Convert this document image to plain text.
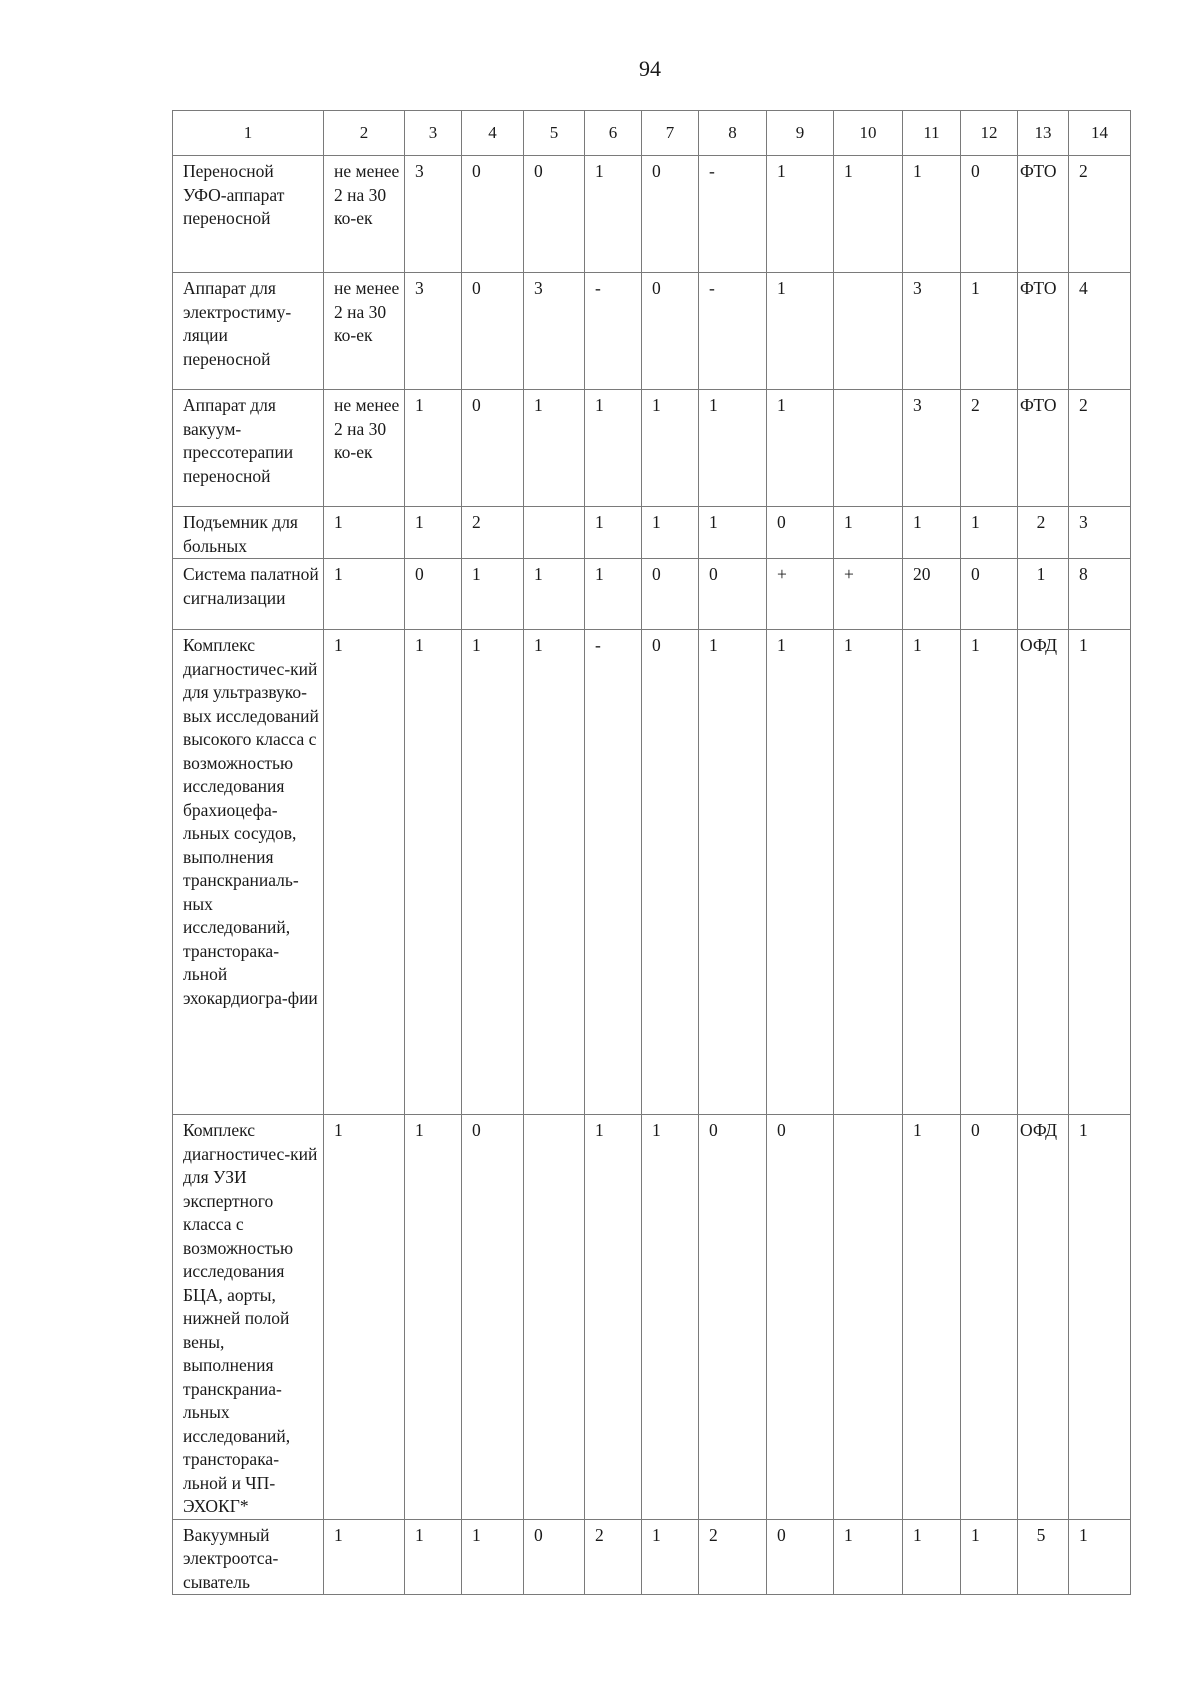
94
1	2	3	4	5	6	7	8	9	10	11	12	13	14
Переносной УФО-аппарат переносной	не менее 2 на 30 ко-ек	3	0	0	1	0	-	1	1	1	0	ФТО	2
Аппарат для электростиму-ляции переносной	не менее 2 на 30 ко-ек	3	0	3	-	0	-	1		3	1	ФТО	4
Аппарат для вакуум-прессотерапии переносной	не менее 2 на 30 ко-ек	1	0	1	1	1	1	1		3	2	ФТО	2
Подъемник для больных	1	1	2		1	1	1	0	1	1	1	2	3
Система палатной сигнализации	1	0	1	1	1	0	0	+	+	20	0	1	8
Комплекс диагностичес-кий для ультразвуко-вых исследований высокого класса с возможностью исследования брахиоцефа-льных сосудов, выполнения транскраниаль-ных исследований, трансторака-льной эхокардиогра-фии	1	1	1	1	-	0	1	1	1	1	1	ОФД	1
Комплекс диагностичес-кий для УЗИ экспертного класса с возможностью исследования БЦА, аорты, нижней полой вены, выполнения транскраниа-льных исследований, трансторака-льной и ЧП-ЭХОКГ*	1	1	0		1	1	0	0		1	0	ОФД	1
Вакуумный электроотса-сыватель	1	1	1	0	2	1	2	0	1	1	1	5	1
